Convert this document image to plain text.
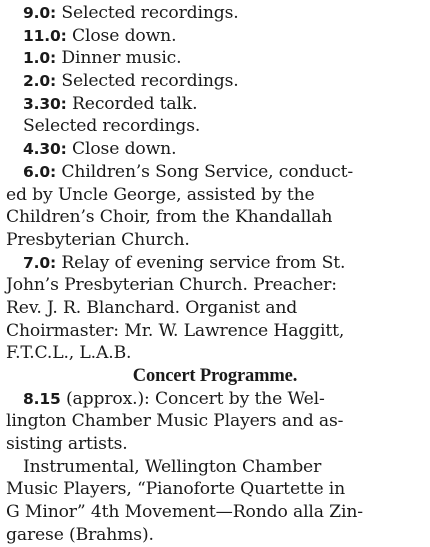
9.0: Selected recordings.
11.0: Close down.
1.0: Dinner music.
2.0: Selected recordings.
3.30: Recorded talk.
Selected recordings.
4.30: Close down.
6.0: Children’s Song Service, conduct-
ed by Uncle George, assisted by the
Children’s Choir, from the Khandallah
Presbyterian Church.
7.0: Relay of evening service from St.
John’s Presbyterian Church. Preacher:
Rev. J. R. Blanchard. Organist and
Choirmaster: Mr. W. Lawrence Haggitt,
F.T.C.L., L.A.B.
Concert Programme.
8.15 (approx.): Concert by the Wel-
lington Chamber Music Players and as-
sisting artists.
Instrumental, Wellington Chamber
Music Players, “Pianoforte Quartette in
G Minor” 4th Movement—Rondo alla Zin-
garese (Brahms).
